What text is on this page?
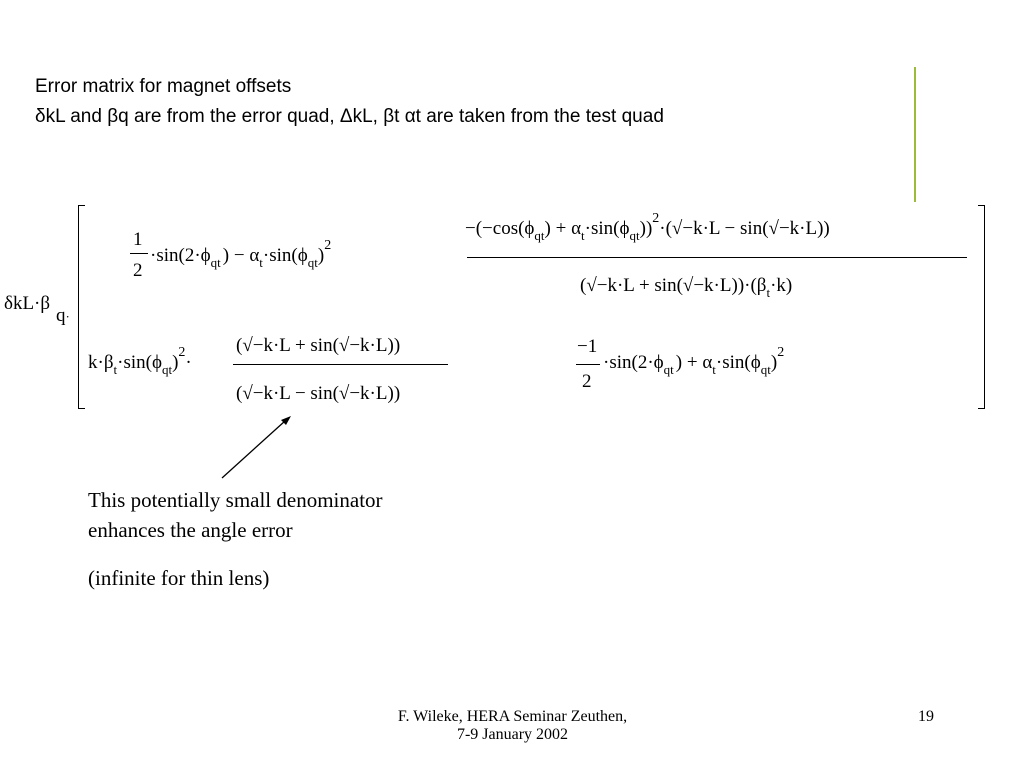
Error matrix for magnet offsets
δkL and βq are from the error quad, ΔkL, βt αt are taken from the test quad
δkL·β
q·
1
2
$\cdot\sin(2\cdot\phi_{qt}$ ) − $\alpha_t\cdot\sin(\phi_{qt})^2$
$-(-\cos(\phi_{qt}) + \alpha_t\cdot\sin(\phi_{qt}))^2\cdot(√-k\cdot L - \sin(√-k\cdot L))$
$(√-k\cdot L + \sin(√-k\cdot L))\cdot(\beta_t\cdot k)$
$k\cdot\beta_t\cdot\sin(\phi_{qt})^2\cdot$
(√−k·L + sin(√−k·L))
(√−k·L − sin(√−k·L))
−1
2
$\cdot\sin(2\cdot\phi_{qt}$ ) + $\alpha_t\cdot\sin(\phi_{qt})^2$
This potentially small denominator
enhances the angle error
(infinite for thin lens)
F. Wileke, HERA Seminar Zeuthen,
7-9 January 2002
19
